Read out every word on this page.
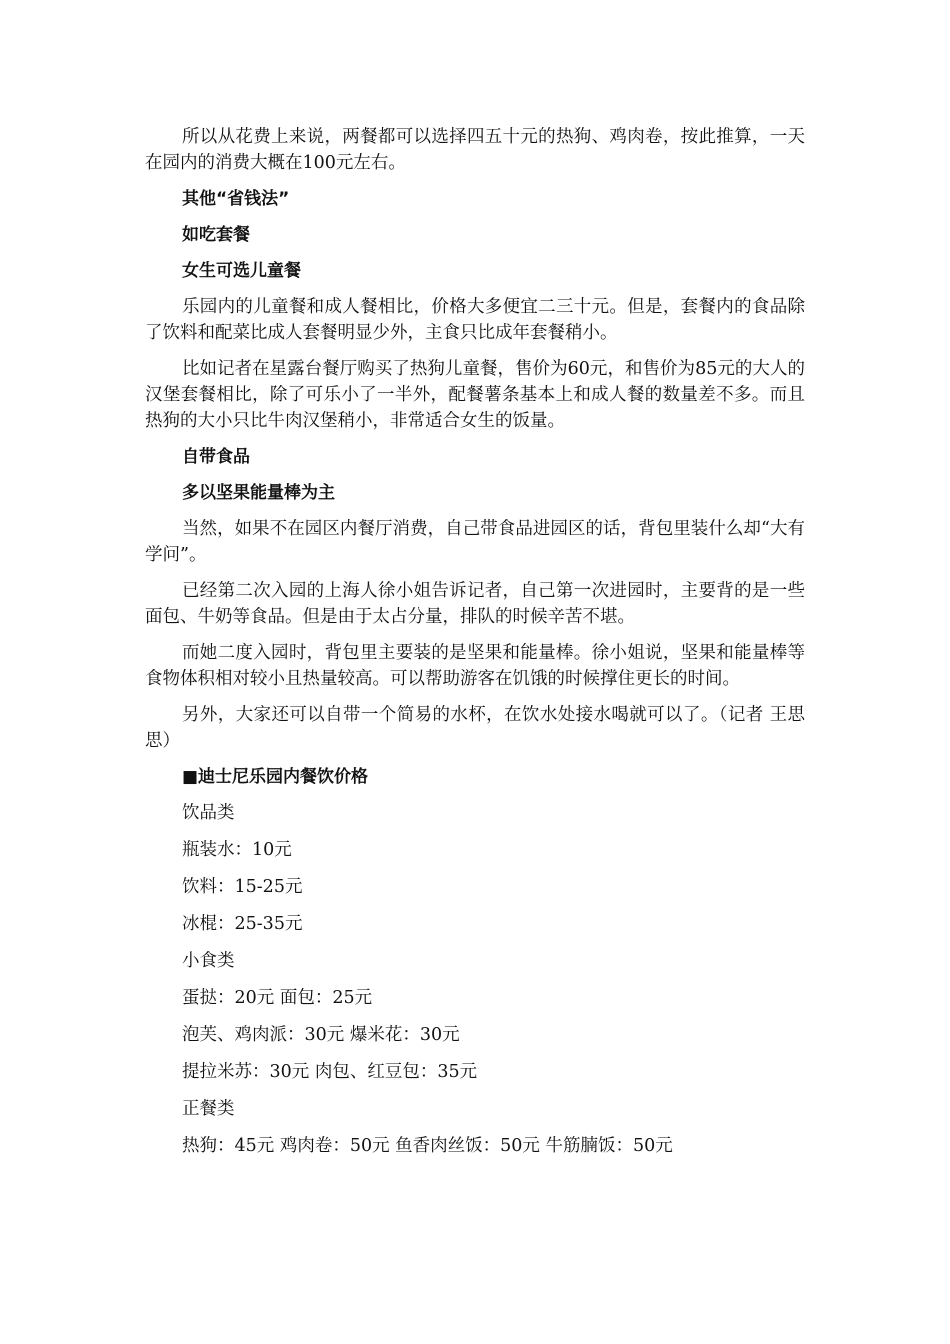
所以从花费上来说，两餐都可以选择四五十元的热狗、鸡肉卷，按此推算，一天在园内的消费大概在100元左右。

其他“省钱法”

如吃套餐

女生可选儿童餐

乐园内的儿童餐和成人餐相比，价格大多便宜二三十元。但是，套餐内的食品除了饮料和配菜比成人套餐明显少外，主食只比成年套餐稍小。

比如记者在星露台餐厅购买了热狗儿童餐，售价为60元，和售价为85元的大人的汉堡套餐相比，除了可乐小了一半外，配餐薯条基本上和成人餐的数量差不多。而且热狗的大小只比牛肉汉堡稍小，非常适合女生的饭量。

自带食品

多以坚果能量棒为主

当然，如果不在园区内餐厅消费，自己带食品进园区的话，背包里装什么却“大有学问”。

已经第二次入园的上海人徐小姐告诉记者，自己第一次进园时，主要背的是一些面包、牛奶等食品。但是由于太占分量，排队的时候辛苦不堪。

而她二度入园时，背包里主要装的是坚果和能量棒。徐小姐说，坚果和能量棒等食物体积相对较小且热量较高。可以帮助游客在饥饿的时候撑住更长的时间。

另外，大家还可以自带一个简易的水杯，在饮水处接水喝就可以了。（记者 王思思）

■迪士尼乐园内餐饮价格

饮品类

瓶装水：10元

饮料：15-25元

冰棍：25-35元

小食类

蛋挞：20元 面包：25元

泡芙、鸡肉派：30元 爆米花：30元

提拉米苏：30元 肉包、红豆包：35元

正餐类

热狗：45元 鸡肉卷：50元 鱼香肉丝饭：50元 牛筋腩饭：50元
